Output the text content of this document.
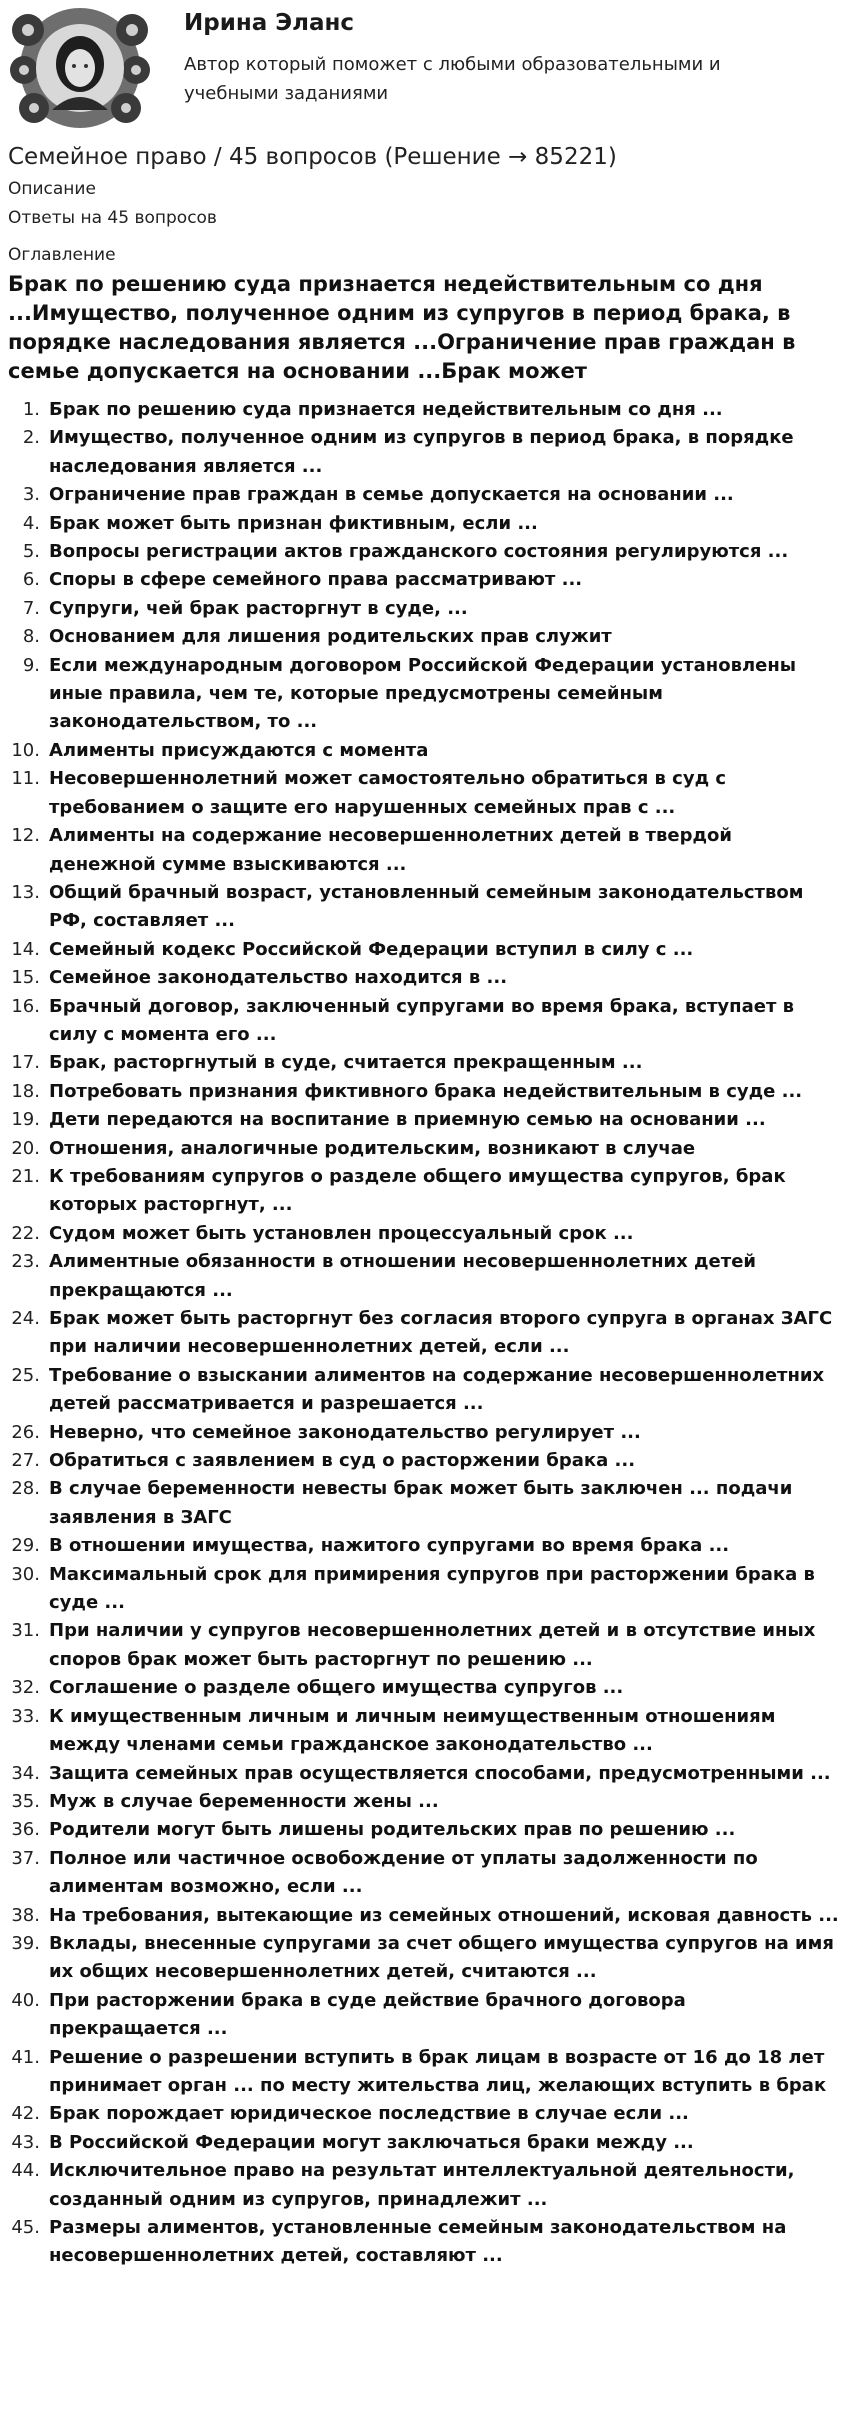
Ирина Эланс
Автор который поможет с любыми образовательными и учебными заданиями
Семейное право / 45 вопросов (Решение → 85221)
Описание
Ответы на 45 вопросов
Оглавление
Брак по решению суда признается недействительным со дня ...Имущество, полученное одним из супругов в период брака, в порядке наследования является ...Ограничение прав граждан в семье допускается на основании ...Брак может
1. Брак по решению суда признается недействительным со дня ...
2. Имущество, полученное одним из супругов в период брака, в порядке наследования является ...
3. Ограничение прав граждан в семье допускается на основании ...
4. Брак может быть признан фиктивным, если ...
5. Вопросы регистрации актов гражданского состояния регулируются ...
6. Споры в сфере семейного права рассматривают ...
7. Супруги, чей брак расторгнут в суде, ...
8. Основанием для лишения родительских прав служит
9. Если международным договором Российской Федерации установлены иные правила, чем те, которые предусмотрены семейным законодательством, то ...
10. Алименты присуждаются с момента
11. Несовершеннолетний может самостоятельно обратиться в суд с требованием о защите его нарушенных семейных прав с ...
12. Алименты на содержание несовершеннолетних детей в твердой денежной сумме взыскиваются ...
13. Общий брачный возраст, установленный семейным законодательством РФ, составляет ...
14. Семейный кодекс Российской Федерации вступил в силу с ...
15. Семейное законодательство находится в ...
16. Брачный договор, заключенный супругами во время брака, вступает в силу с момента его ...
17. Брак, расторгнутый в суде, считается прекращенным ...
18. Потребовать признания фиктивного брака недействительным в суде ...
19. Дети передаются на воспитание в приемную семью на основании ...
20. Отношения, аналогичные родительским, возникают в случае
21. К требованиям супругов о разделе общего имущества супругов, брак которых расторгнут, ...
22. Судом может быть установлен процессуальный срок ...
23. Алиментные обязанности в отношении несовершеннолетних детей прекращаются ...
24. Брак может быть расторгнут без согласия второго супруга в органах ЗАГС при наличии несовершеннолетних детей, если ...
25. Требование о взыскании алиментов на содержание несовершеннолетних детей рассматривается и разрешается ...
26. Неверно, что семейное законодательство регулирует ...
27. Обратиться с заявлением в суд о расторжении брака ...
28. В случае беременности невесты брак может быть заключен ... подачи заявления в ЗАГС
29. В отношении имущества, нажитого супругами во время брака ...
30. Максимальный срок для примирения супругов при расторжении брака в суде ...
31. При наличии у супругов несовершеннолетних детей и в отсутствие иных споров брак может быть расторгнут по решению ...
32. Соглашение о разделе общего имущества супругов ...
33. К имущественным личным и личным неимущественным отношениям между членами семьи гражданское законодательство ...
34. Защита семейных прав осуществляется способами, предусмотренными ...
35. Муж в случае беременности жены ...
36. Родители могут быть лишены родительских прав по решению ...
37. Полное или частичное освобождение от уплаты задолженности по алиментам возможно, если ...
38. На требования, вытекающие из семейных отношений, исковая давность ...
39. Вклады, внесенные супругами за счет общего имущества супругов на имя их общих несовершеннолетних детей, считаются ...
40. При расторжении брака в суде действие брачного договора прекращается ...
41. Решение о разрешении вступить в брак лицам в возрасте от 16 до 18 лет принимает орган ... по месту жительства лиц, желающих вступить в брак
42. Брак порождает юридическое последствие в случае если ...
43. В Российской Федерации могут заключаться браки между ...
44. Исключительное право на результат интеллектуальной деятельности, созданный одним из супругов, принадлежит ...
45. Размеры алиментов, установленные семейным законодательством на несовершеннолетних детей, составляют ...
